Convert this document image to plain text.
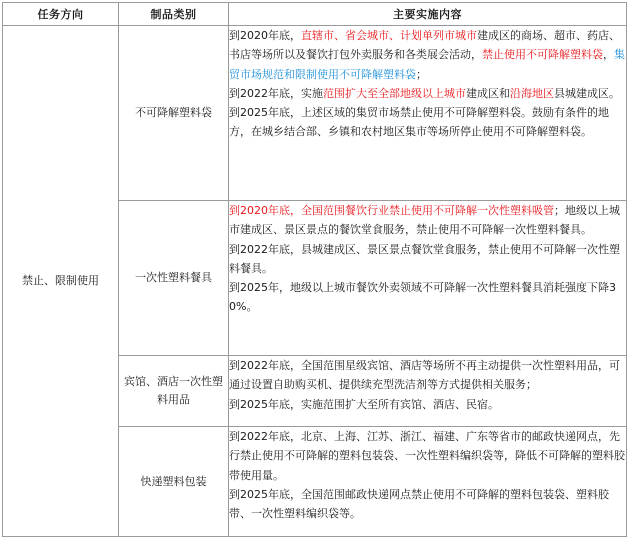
任务方向	制品类别	主要实施内容
禁止、限制使用	不可降解塑料袋	到2020年底，直辖市、省会城市、计划单列市城市建成区的商场、超市、药店、书店等场所以及餐饮打包外卖服务和各类展会活动，禁止使用不可降解塑料袋，集贸市场规范和限制使用不可降解塑料袋；

到2022年底，实施范围扩大至全部地级以上城市建成区和沿海地区县城建成区。

到2025年底，上述区域的集贸市场禁止使用不可降解塑料袋。鼓励有条件的地方，在城乡结合部、乡镇和农村地区集市等场所停止使用不可降解塑料袋。

	一次性塑料餐具	到2020年底，全国范围餐饮行业禁止使用不可降解一次性塑料吸管；地级以上城市建成区、景区景点的餐饮堂食服务，禁止使用不可降解一次性塑料餐具。

到2022年底，县城建成区、景区景点餐饮堂食服务，禁止使用不可降解一次性塑料餐具。

到2025年，地级以上城市餐饮外卖领域不可降解一次性塑料餐具消耗强度下降30%。

	宾馆、酒店一次性塑料用品	到2022年底，全国范围星级宾馆、酒店等场所不再主动提供一次性塑料用品，可通过设置自助购买机、提供续充型洗洁剂等方式提供相关服务；

到2025年底，实施范围扩大至所有宾馆、酒店、民宿。

	快递塑料包装	到2022年底，北京、上海、江苏、浙江、福建、广东等省市的邮政快递网点，先行禁止使用不可降解的塑料包装袋、一次性塑料编织袋等，降低不可降解的塑料胶带使用量。

到2025年底，全国范围邮政快递网点禁止使用不可降解的塑料包装袋、塑料胶带、一次性塑料编织袋等。
